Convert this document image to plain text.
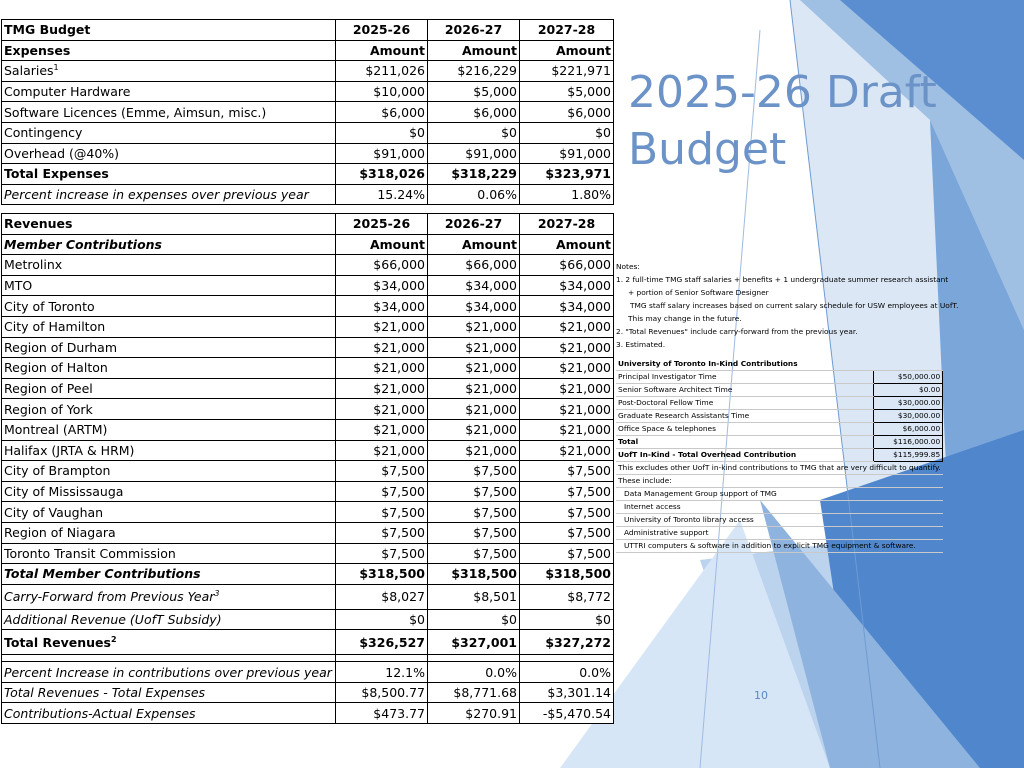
2025-26 Draft
Budget
TMG Budget	2025-26	2026-27	2027-28
Expenses	Amount	Amount	Amount
Salaries$^1$	$211,026	$216,229	$221,971
Computer Hardware	$10,000	$5,000	$5,000
Software Licences (Emme, Aimsun, misc.)	$6,000	$6,000	$6,000
Contingency	$0	$0	$0
Overhead (@40%)	$91,000	$91,000	$91,000
Total Expenses	$318,026	$318,229	$323,971
Percent increase in expenses over previous year	15.24%	0.06%	1.80%
Revenues	2025-26	2026-27	2027-28
Member Contributions	Amount	Amount	Amount
Metrolinx	$66,000	$66,000	$66,000
MTO	$34,000	$34,000	$34,000
City of Toronto	$34,000	$34,000	$34,000
City of Hamilton	$21,000	$21,000	$21,000
Region of Durham	$21,000	$21,000	$21,000
Region of Halton	$21,000	$21,000	$21,000
Region of Peel	$21,000	$21,000	$21,000
Region of York	$21,000	$21,000	$21,000
Montreal (ARTM)	$21,000	$21,000	$21,000
Halifax (JRTA & HRM)	$21,000	$21,000	$21,000
City of Brampton	$7,500	$7,500	$7,500
City of Mississauga	$7,500	$7,500	$7,500
City of Vaughan	$7,500	$7,500	$7,500
Region of Niagara	$7,500	$7,500	$7,500
Toronto Transit Commission	$7,500	$7,500	$7,500
Total Member Contributions	$318,500	$318,500	$318,500
Carry-Forward from Previous Year$^3$	$8,027	$8,501	$8,772
Additional Revenue (UofT Subsidy)	$0	$0	$0
Total Revenues$^2$	$326,527	$327,001	$327,272

Percent Increase in contributions over previous year	12.1%	0.0%	0.0%
Total Revenues - Total Expenses	$8,500.77	$8,771.68	$3,301.14
Contributions-Actual Expenses	$473.77	$270.91	-$5,470.54
Notes:
1. 2 full-time TMG staff salaries + benefits + 1 undergraduate summer research assistant
+ portion of Senior Software Designer
TMG staff salary increases based on current salary schedule for USW employees at UofT.
This may change in the future.
2. "Total Revenues" include carry-forward from the previous year.
3. Estimated.
University of Toronto In-Kind Contributions	
Principal Investigator Time	$50,000.00
Senior Software Architect Time	$0.00
Post-Doctoral Fellow Time	$30,000.00
Graduate Research Assistants Time	$30,000.00
Office Space & telephones	$6,000.00
Total	$116,000.00
UofT In-Kind - Total Overhead Contribution	$115,999.85
This excludes other UofT in-kind contributions to TMG that are very difficult to quantify.	
These include:	
Data Management Group support of TMG	
Internet access	
University of Toronto library access	
Administrative support	
UTTRI computers & software in addition to explicit TMG equipment & software.	
10
